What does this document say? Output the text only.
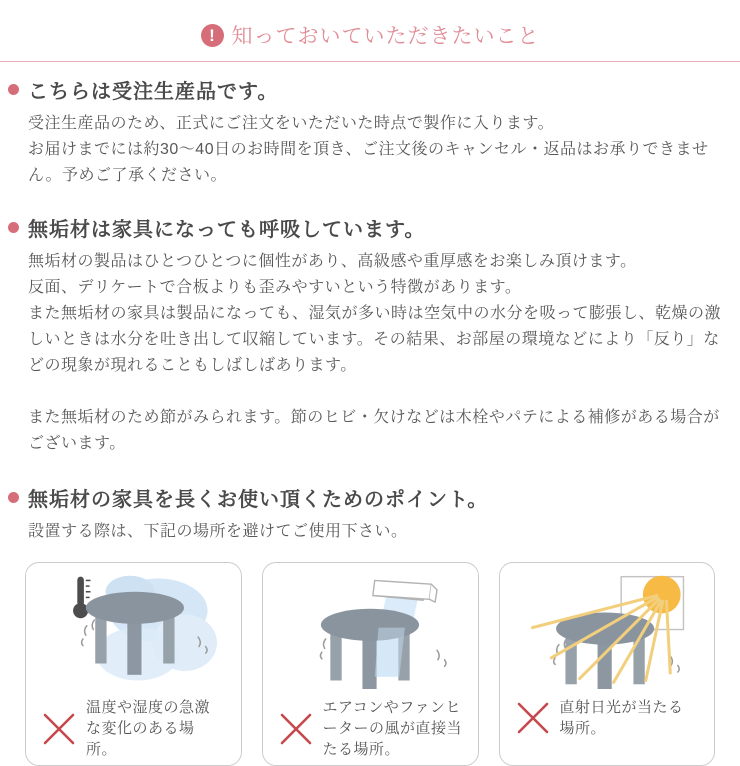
! 知っておいていただきたいこと
こちらは受注生産品です。

受注生産品のため、正式にご注文をいただいた時点で製作に入ります。

お届けまでには約30〜40日のお時間を頂き、ご注文後のキャンセル・返品はお承りできません。予めご了承ください。

無垢材は家具になっても呼吸しています。

無垢材の製品はひとつひとつに個性があり、高級感や重厚感をお楽しみ頂けます。

反面、デリケートで合板よりも歪みやすいという特徴があります。

また無垢材の家具は製品になっても、湿気が多い時は空気中の水分を吸って膨張し、乾燥の激しいときは水分を吐き出して収縮しています。その結果、お部屋の環境などにより「反り」などの現象が現れることもしばしばあります。

また無垢材のため節がみられます。節のヒビ・欠けなどは木栓やパテによる補修がある場合がございます。

無垢材の家具を長くお使い頂くためのポイント。

設置する際は、下記の場所を避けてご使用下さい。

温度や湿度の急激な変化のある場所。

エアコンやファンヒーターの風が直接当たる場所。

直射日光が当たる場所。
